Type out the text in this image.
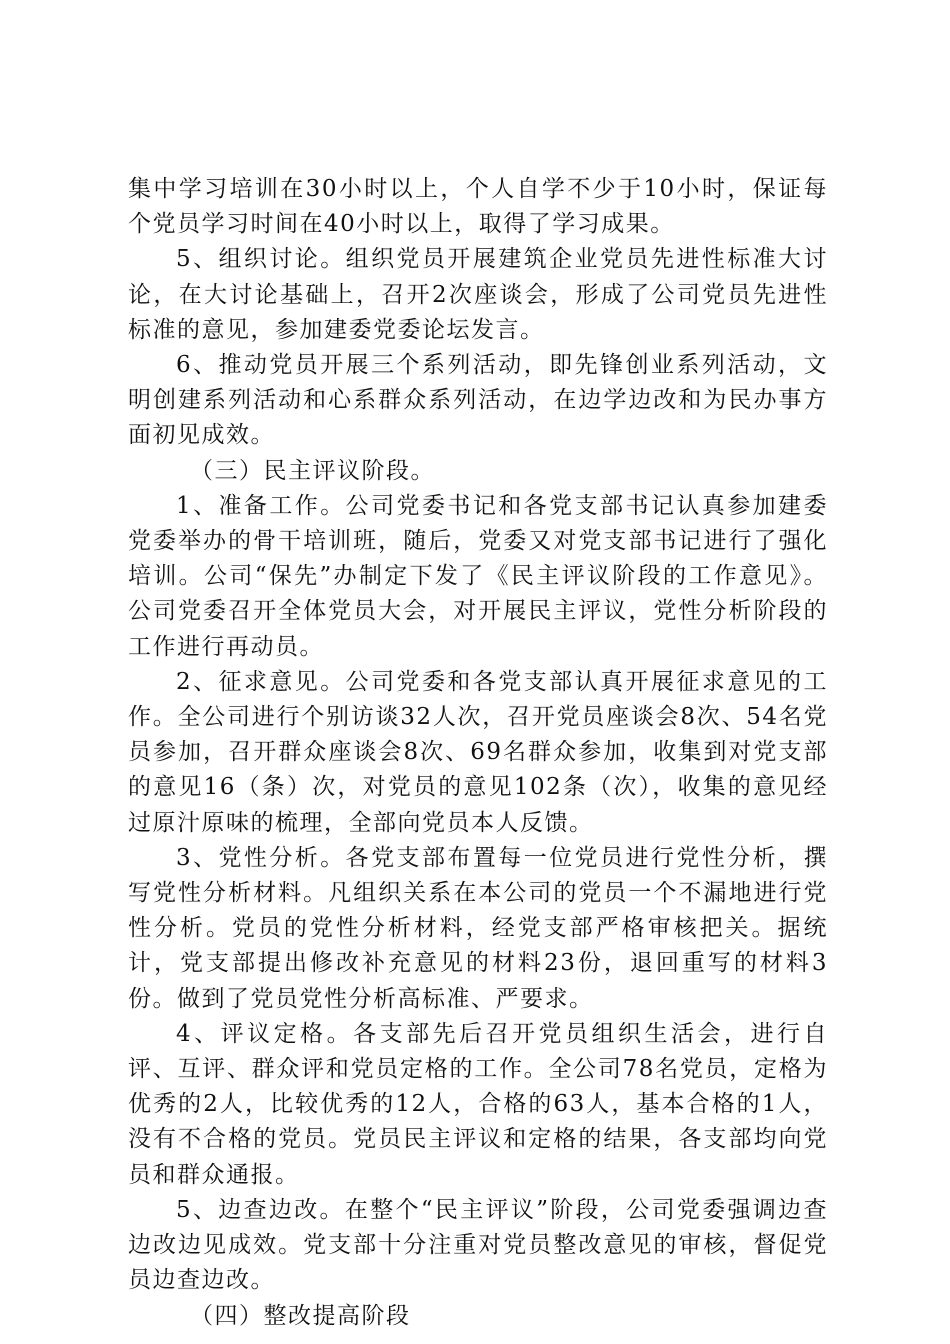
集中学习培训在30小时以上，个人自学不少于10小时，保证每个党员学习时间在40小时以上，取得了学习成果。

5、组织讨论。组织党员开展建筑企业党员先进性标准大讨论，在大讨论基础上，召开2次座谈会，形成了公司党员先进性标准的意见，参加建委党委论坛发言。

6、推动党员开展三个系列活动，即先锋创业系列活动，文明创建系列活动和心系群众系列活动，在边学边改和为民办事方面初见成效。

（三）民主评议阶段。

1、准备工作。公司党委书记和各党支部书记认真参加建委党委举办的骨干培训班，随后，党委又对党支部书记进行了强化培训。公司“保先”办制定下发了《民主评议阶段的工作意见》。公司党委召开全体党员大会，对开展民主评议，党性分析阶段的工作进行再动员。

2、征求意见。公司党委和各党支部认真开展征求意见的工作。全公司进行个别访谈32人次，召开党员座谈会8次、54名党员参加，召开群众座谈会8次、69名群众参加，收集到对党支部的意见16（条）次，对党员的意见102条（次），收集的意见经过原汁原味的梳理，全部向党员本人反馈。

3、党性分析。各党支部布置每一位党员进行党性分析，撰写党性分析材料。凡组织关系在本公司的党员一个不漏地进行党性分析。党员的党性分析材料，经党支部严格审核把关。据统计，党支部提出修改补充意见的材料23份，退回重写的材料3份。做到了党员党性分析高标准、严要求。

4、评议定格。各支部先后召开党员组织生活会，进行自评、互评、群众评和党员定格的工作。全公司78名党员，定格为优秀的2人，比较优秀的12人，合格的63人，基本合格的1人，没有不合格的党员。党员民主评议和定格的结果，各支部均向党员和群众通报。

5、边查边改。在整个“民主评议”阶段，公司党委强调边查边改边见成效。党支部十分注重对党员整改意见的审核，督促党员边查边改。

（四）整改提高阶段
